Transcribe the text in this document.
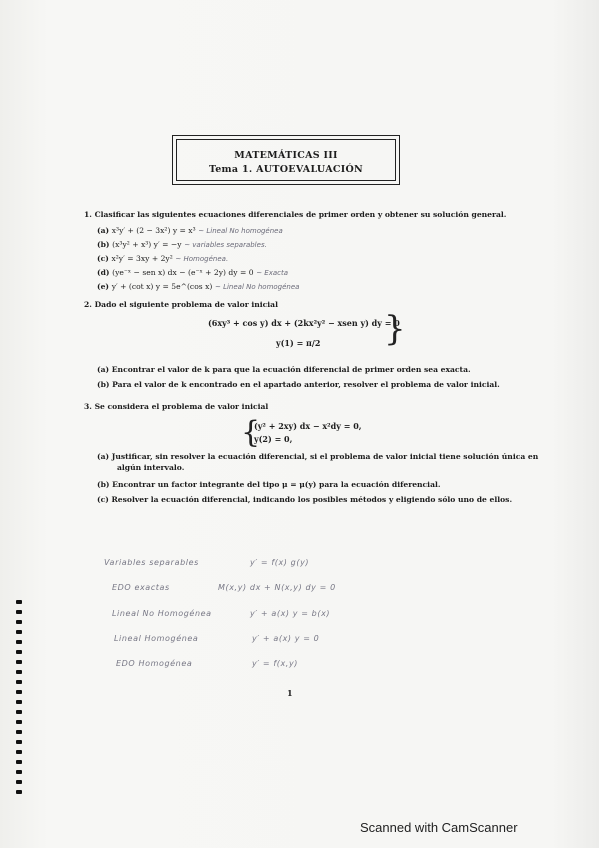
MATEMÁTICAS III
Tema 1. AUTOEVALUACIÓN
1. Clasificar las siguientes ecuaciones diferenciales de primer orden y obtener su solución general.
(a) x³y′ + (2 − 3x²) y = x³ ~ Lineal No homogénea
(b) (x³y² + x³) y′ = −y ~ variables separables.
(c) x²y′ = 3xy + 2y² ~ Homogénea.
(d) (ye⁻ˣ − sen x) dx − (e⁻ˣ + 2y) dy = 0 ~ Exacta
(e) y′ + (cot x) y = 5e^(cos x) ~ Lineal No homogénea
2. Dado el siguiente problema de valor inicial
(6xy³ + cos y) dx + (2kx²y² − xsen y) dy = 0
y(1) = π/2 }
(a) Encontrar el valor de k para que la ecuación diferencial de primer orden sea exacta.
(b) Para el valor de k encontrado en el apartado anterior, resolver el problema de valor inicial.
3. Se considera el problema de valor inicial
{
(y² + 2xy) dx − x²dy = 0,
y(2) = 0,
(a) Justificar, sin resolver la ecuación diferencial, si el problema de valor inicial tiene solución única en
algún intervalo.
(b) Encontrar un factor integrante del tipo μ = μ(y) para la ecuación diferencial.
(c) Resolver la ecuación diferencial, indicando los posibles métodos y eligiendo sólo uno de ellos.
Variables separables	y′ = f(x) g(y)
EDO exactas	M(x,y) dx + N(x,y) dy = 0
Lineal No Homogénea	y′ + a(x) y = b(x)
Lineal Homogénea	y′ + a(x) y = 0
EDO Homogénea	y′ = f(x,y)
1
Scanned with CamScanner
